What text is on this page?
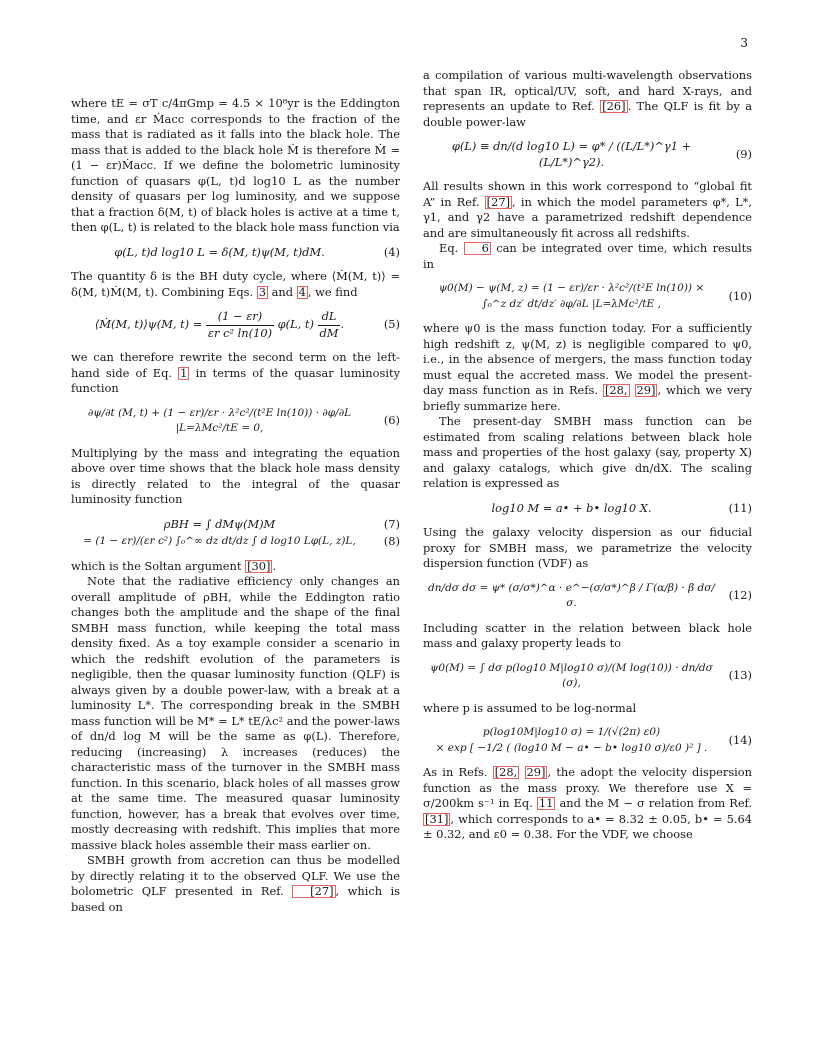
3

where tE = σT c/4πGmp = 4.5 × 10⁸yr is the Eddington time, and εr Ṁacc corresponds to the fraction of the mass that is radiated as it falls into the black hole. The mass that is added to the black hole Ṁ is therefore Ṁ = (1 − εr)Ṁacc. If we define the bolometric luminosity function of quasars φ(L, t)d log10 L as the number density of quasars per log luminosity, and we suppose that a fraction δ(M, t) of black holes is active at a time t, then φ(L, t) is related to the black hole mass function via

φ(L, t)d log10 L = δ(M, t)ψ(M, t)dM.	(4)

The quantity δ is the BH duty cycle, where ⟨Ṁ(M, t)⟩ = δ(M, t)Ṁ(M, t). Combining Eqs. 3 and 4 , we find

⟨Ṁ(M, t)⟩ψ(M, $t) = \frac{(1 - \varepsilon r)}{\text{εr c² ln(10)}} \varphi(L$, $t) \frac{dL}{dM}$ .	(5)

we can therefore rewrite the second term on the left-hand side of Eq. 1 in terms of the quasar luminosity function

∂ψ/∂t (M, t) + (1 − εr)/εr · λ²c²/(t²E ln(10)) · ∂φ/∂L |L=λMc²/tE = 0,
(6)

Multiplying by the mass and integrating the equation above over time shows that the black hole mass density is directly related to the integral of the quasar luminosity function

ρBH = ∫ dMψ(M)M	(7)
= (1 − εr)/(εr c²) ∫₀^∞ dz dt/dz ∫ d log10 Lφ(L, z)L,	(8)

which is the Sołtan argument [30] .

Note that the radiative efficiency only changes an overall amplitude of ρBH, while the Eddington ratio changes both the amplitude and the shape of the final SMBH mass function, while keeping the total mass density fixed. As a toy example consider a scenario in which the redshift evolution of the parameters is negligible, then the quasar luminosity function (QLF) is always given by a double power-law, with a break at a luminosity L*. The corresponding break in the SMBH mass function will be M* = L* tE/λc² and the power-laws of dn/d log M will be the same as φ(L). Therefore, reducing (increasing) λ increases (reduces) the characteristic mass of the turnover in the SMBH mass function. In this scenario, black holes of all masses grow at the same time. The measured quasar luminosity function, however, has a break that evolves over time, mostly decreasing with redshift. This implies that more massive black holes assemble their mass earlier on.

SMBH growth from accretion can thus be modelled by directly relating it to the observed QLF. We use the bolometric QLF presented in Ref. [27] , which is based on

a compilation of various multi-wavelength observations that span IR, optical/UV, soft, and hard X-rays, and represents an update to Ref. [26] . The QLF is fit by a double power-law

φ(L) ≡ dn/(d log10 L) = φ* / ((L/L*)^γ1 + (L/L*)^γ2).
(9)

All results shown in this work correspond to “global fit A” in Ref. [27] , in which the model parameters φ*, L*, γ1, and γ2 have a parametrized redshift dependence and are simultaneously fit across all redshifts.

Eq. 6 can be integrated over time, which results in

ψ0(M) − ψ(M, z) = (1 − εr)/εr · λ²c²/(t²E ln(10)) ×
∫₀^z dz′ dt/dz′ ∂φ/∂L |L=λMc²/tE ,
(10)

where ψ0 is the mass function today. For a sufficiently high redshift z, ψ(M, z) is negligible compared to ψ0, i.e., in the absence of mergers, the mass function today must equal the accreted mass. We model the present-day mass function as in Refs. [28, 29] , which we very briefly summarize here.

The present-day SMBH mass function can be estimated from scaling relations between black hole mass and properties of the host galaxy (say, property X) and galaxy catalogs, which give dn/dX. The scaling relation is expressed as

log10 M = a• + b• log10 X.	(11)

Using the galaxy velocity dispersion as our fiducial proxy for SMBH mass, we parametrize the velocity dispersion function (VDF) as

dn/dσ dσ = ψ* (σ/σ*)^α · e^−(σ/σ*)^β / Γ(α/β) · β dσ/σ.
(12)

Including scatter in the relation between black hole mass and galaxy property leads to

ψ0(M) = ∫ dσ p(log10 M|log10 σ)/(M log(10)) · dn/dσ (σ),
(13)

where p is assumed to be log-normal

p(log10M|log10 σ) = 1/(√(2π) ε0)
× exp [ −1/2 ( (log10 M − a• − b• log10 σ)/ε0 )² ] .
(14)

As in Refs. [28, 29] , the adopt the velocity dispersion function as the mass proxy. We therefore use X = σ/200km s⁻¹ in Eq. 11 and the M − σ relation from Ref. [31] , which corresponds to a• = 8.32 ± 0.05, b• = 5.64 ± 0.32, and ε0 = 0.38. For the VDF, we choose
